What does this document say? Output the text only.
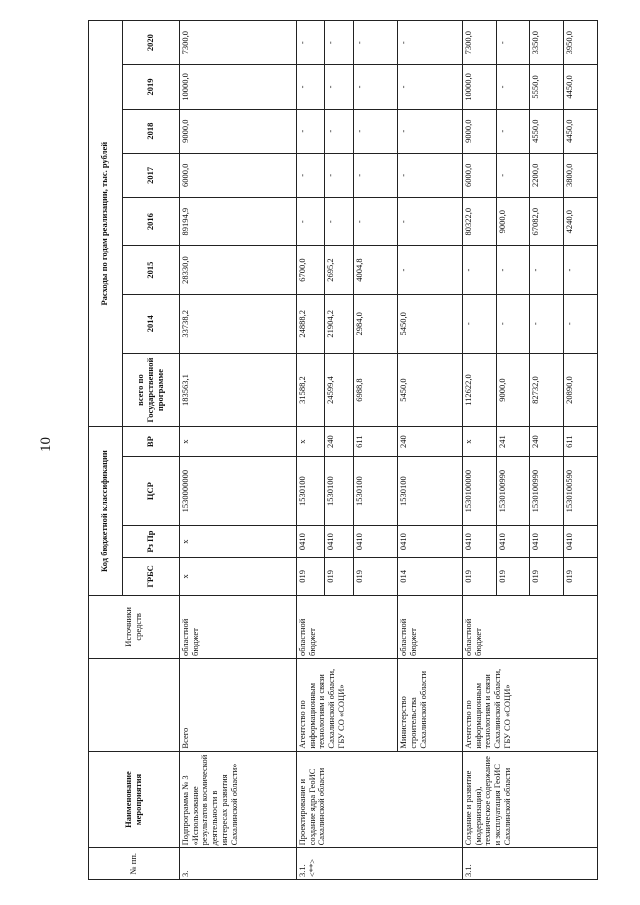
10
№ пп.	Наименование мероприятия		Источники средств	Код бюджетной классификации				Расходы по годам реализации, тыс. рублей							
				ГРБС	Рз Пр	ЦСР	ВР	всего по Государственной программе	2014	2015	2016	2017	2018	2019	2020
3.	Подпрограмма № 3 «Использование результатов космической деятельности в интересах развития Сахалинской области»	Всего	областной бюджет	x	x	1530000000	x	183563,1	33738,2	28330,0	89194,9	6000,0	9000,0	10000,0	7300,0
3.1. <**>	Проектирование и создание ядра ГеоИС Сахалинской области	Агентство по информационным технологиям и связи Сахалинской области, ГБУ СО «СОЦИ»	областной бюджет	019	0410	1530100	x	31588,2	24888,2	6700,0	-	-	-	-	-
				019	0410	1530100	240	24599,4	21904,2	2695,2	-	-	-	-	-
				019	0410	1530100	611	6988,8	2984,0	4004,8	-	-	-	-	-
		Министерство строительства Сахалинской области	областной бюджет	014	0410	1530100	240	5450,0	5450,0	-	-	-	-	-	-
3.1.	Создание и развитие (модернизация), техническое содержание и эксплуатация ГеоИС Сахалинской области	Агентство по информационным технологиям и связи Сахалинской области, ГБУ СО «СОЦИ»	областной бюджет	019	0410	1530100000	x	112622,0	-	-	80322,0	6000,0	9000,0	10000,0	7300,0
				019	0410	1530100990	241	9000,0	-	-	9000,0	-	-	-	-
				019	0410	1530100990	240	82732,0	-	-	67082,0	2200,0	4550,0	5550,0	3350,0
				019	0410	1530100590	611	20890,0	-	-	4240,0	3800,0	4450,0	4450,0	3950,0
